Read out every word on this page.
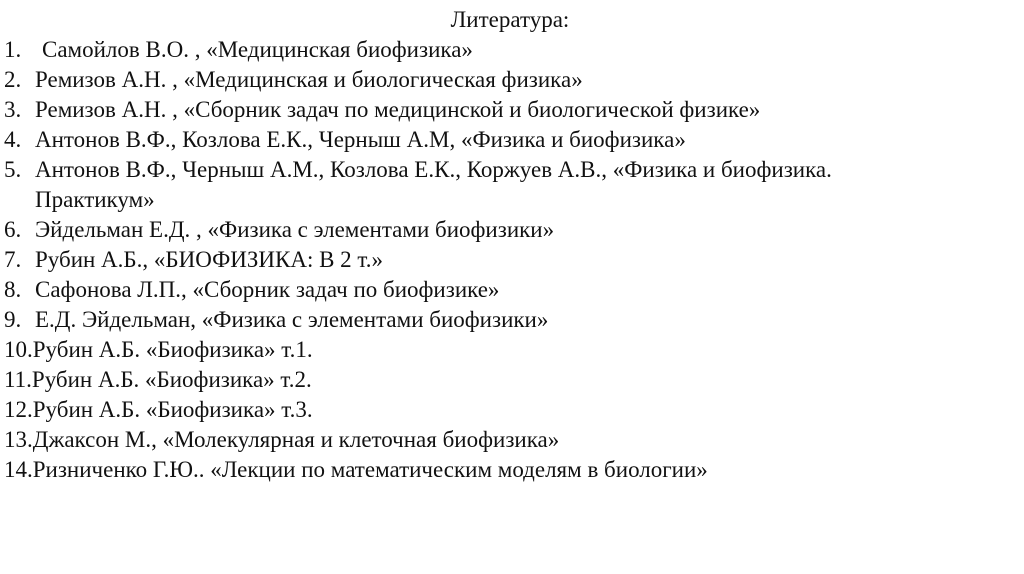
Литература:
1. Самойлов В.О. , «Медицинская биофизика»
2. Ремизов А.Н. , «Медицинская и биологическая физика»
3. Ремизов А.Н. , «Сборник задач по медицинской и биологической физике»
4. Антонов В.Ф., Козлова Е.К., Черныш А.М, «Физика и биофизика»
5. Антонов В.Ф., Черныш А.М., Козлова Е.К., Коржуев А.В., «Физика и биофизика.
Практикум»
6. Эйдельман Е.Д. , «Физика с элементами биофизики»
7. Рубин А.Б., «БИОФИЗИКА: В 2 т.»
8. Сафонова Л.П., «Сборник задач по биофизике»
9. Е.Д. Эйдельман, «Физика с элементами биофизики»
10. Рубин А.Б. «Биофизика» т.1.
11. Рубин А.Б. «Биофизика» т.2.
12. Рубин А.Б. «Биофизика» т.3.
13. Джаксон М., «Молекулярная и клеточная биофизика»
14. Ризниченко Г.Ю.. «Лекции по математическим моделям в биологии»
